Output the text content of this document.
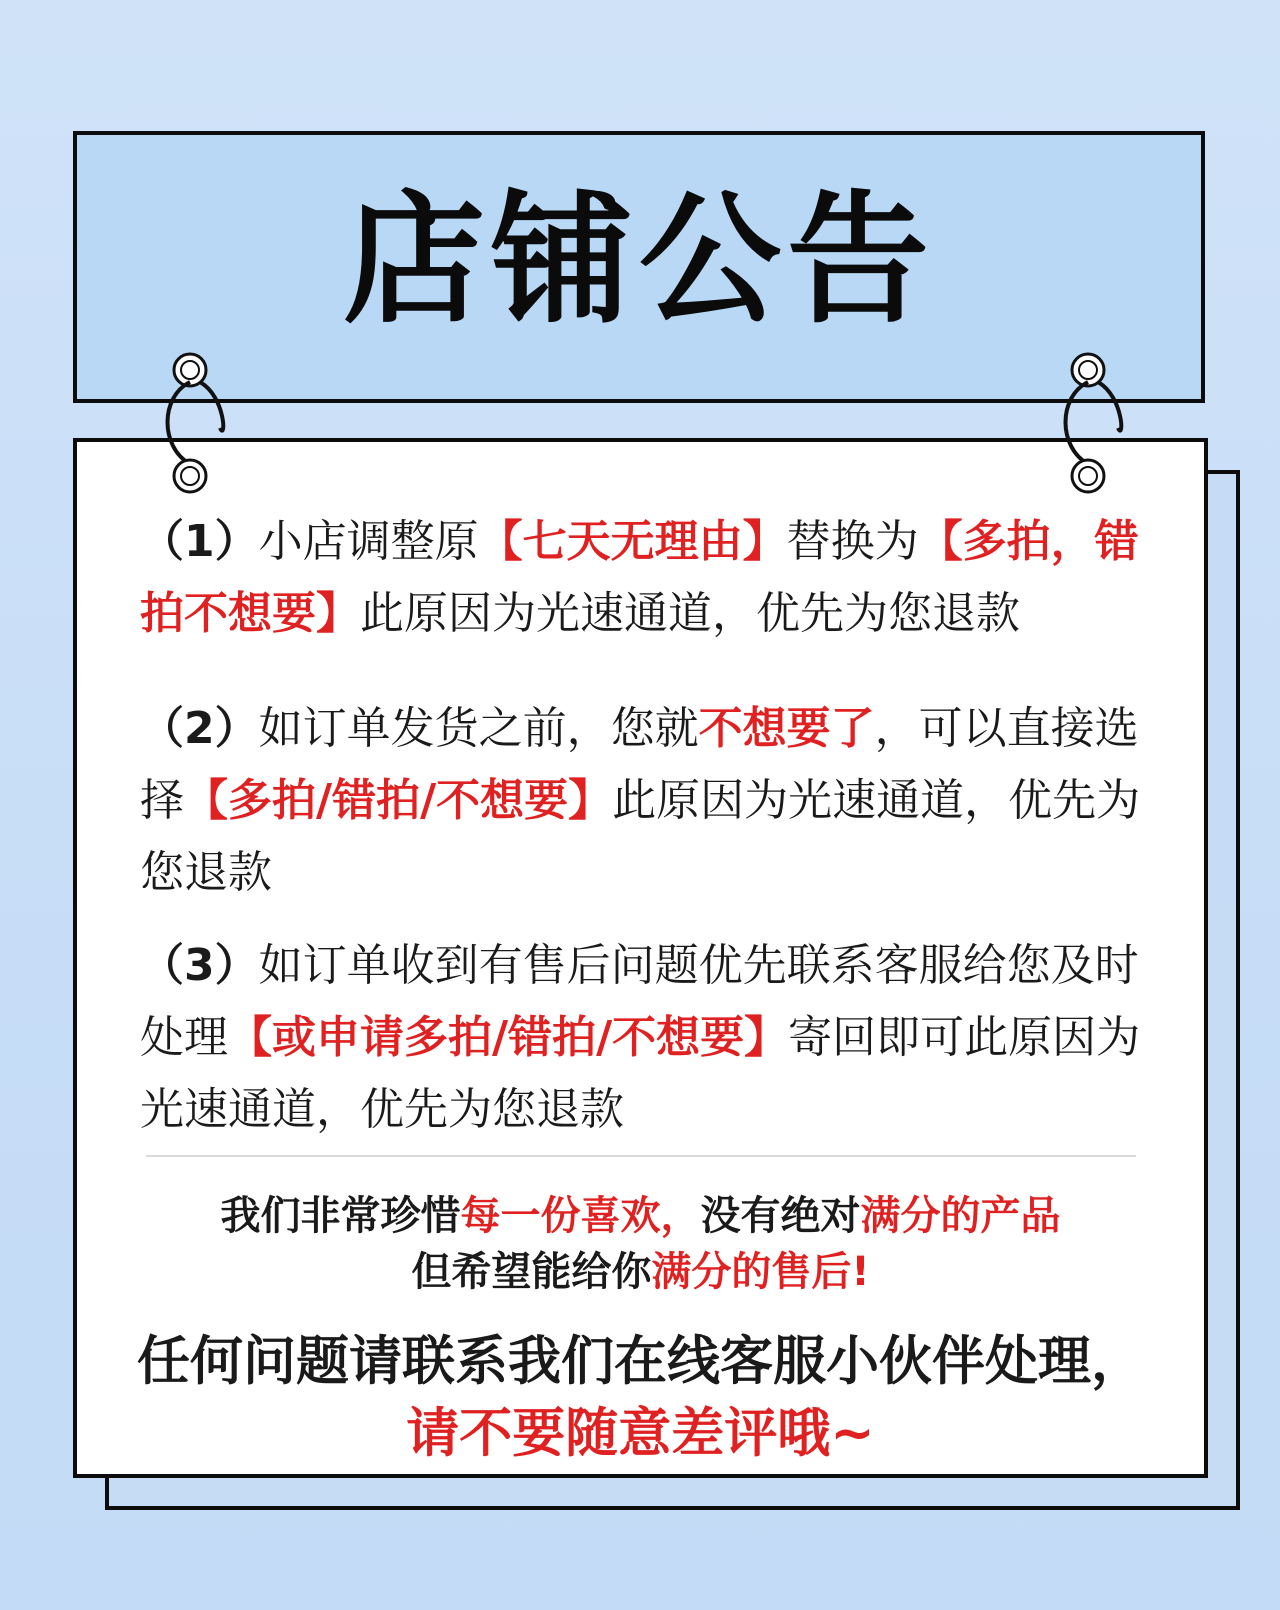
店铺公告
（1）小店调整原【七天无理由】替换为【多拍，错拍不想要】此原因为光速通道，优先为您退款
（2）如订单发货之前，您就不想要了，可以直接选择【多拍/错拍/不想要】此原因为光速通道，优先为您退款
（3）如订单收到有售后问题优先联系客服给您及时处理【或申请多拍/错拍/不想要】寄回即可此原因为光速通道，优先为您退款
我们非常珍惜每一份喜欢，没有绝对满分的产品
但希望能给你满分的售后!
任何问题请联系我们在线客服小伙伴处理，
请不要随意差评哦~
